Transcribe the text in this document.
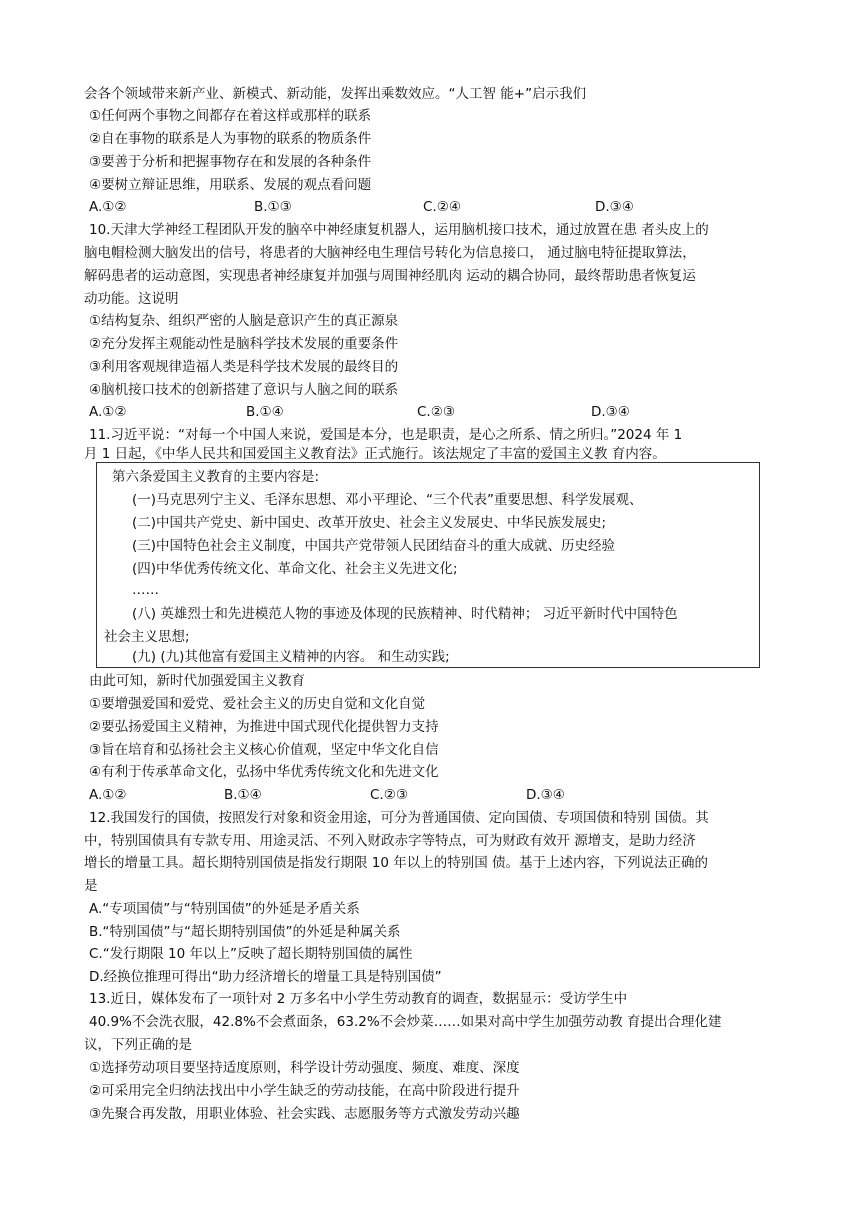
会各个领域带来新产业、新模式、新动能，发挥出乘数效应。“人工智 能+”启示我们
①任何两个事物之间都存在着这样或那样的联系
②自在事物的联系是人为事物的联系的物质条件
③要善于分析和把握事物存在和发展的各种条件
④要树立辩证思维，用联系、发展的观点看问题
A.①②	B.①③	C.②④	D.③④
10.天津大学神经工程团队开发的脑卒中神经康复机器人，运用脑机接口技术，通过放置在患 者头皮上的
脑电帽检测大脑发出的信号，将患者的大脑神经电生理信号转化为信息接口， 通过脑电特征提取算法，
解码患者的运动意图，实现患者神经康复并加强与周围神经肌肉 运动的耦合协同，最终帮助患者恢复运
动功能。这说明
①结构复杂、组织严密的人脑是意识产生的真正源泉
②充分发挥主观能动性是脑科学技术发展的重要条件
③利用客观规律造福人类是科学技术发展的最终目的
④脑机接口技术的创新搭建了意识与人脑之间的联系
A.①②	B.①④	C.②③	D.③④
11.习近平说：“对每一个中国人来说，爱国是本分，也是职责，是心之所系、情之所归。”2024 年 1
月 1 日起，《中华人民共和国爱国主义教育法》正式施行。该法规定了丰富的爱国主义教 育内容。
第六条爱国主义教育的主要内容是:
(一)马克思列宁主义、毛泽东思想、邓小平理论、“三个代表”重要思想、科学发展观、
(二)中国共产党史、新中国史、改革开放史、社会主义发展史、中华民族发展史;
(三)中国特色社会主义制度，中国共产党带领人民团结奋斗的重大成就、历史经验
(四)中华优秀传统文化、革命文化、社会主义先进文化;
……
(八) 英雄烈士和先进模范人物的事迹及体现的民族精神、时代精神； 习近平新时代中国特色
社会主义思想;
(九) (九)其他富有爱国主义精神的内容。 和生动实践;
由此可知，新时代加强爱国主义教育
①要增强爱国和爱党、爱社会主义的历史自觉和文化自觉
②要弘扬爱国主义精神，为推进中国式现代化提供智力支持
③旨在培育和弘扬社会主义核心价值观，坚定中华文化自信
④有利于传承革命文化，弘扬中华优秀传统文化和先进文化
A.①②	B.①④	C.②③	D.③④
12.我国发行的国债，按照发行对象和资金用途，可分为普通国债、定向国债、专项国债和特别 国债。其
中，特别国债具有专款专用、用途灵活、不列入财政赤字等特点，可为财政有效开 源增支，是助力经济
增长的增量工具。超长期特别国债是指发行期限 10 年以上的特别国 债。基于上述内容，下列说法正确的
是
A.“专项国债”与“特别国债”的外延是矛盾关系
B.“特别国债”与“超长期特别国债”的外延是种属关系
C.“发行期限 10 年以上”反映了超长期特别国债的属性
D.经换位推理可得出“助力经济增长的增量工具是特别国债”
13.近日，媒体发布了一项针对 2 万多名中小学生劳动教育的调查，数据显示：受访学生中
40.9%不会洗衣服，42.8%不会煮面条，63.2%不会炒菜……如果对高中学生加强劳动教 育提出合理化建
议，下列正确的是
①选择劳动项目要坚持适度原则，科学设计劳动强度、频度、难度、深度
②可采用完全归纳法找出中小学生缺乏的劳动技能，在高中阶段进行提升
③先聚合再发散，用职业体验、社会实践、志愿服务等方式激发劳动兴趣
